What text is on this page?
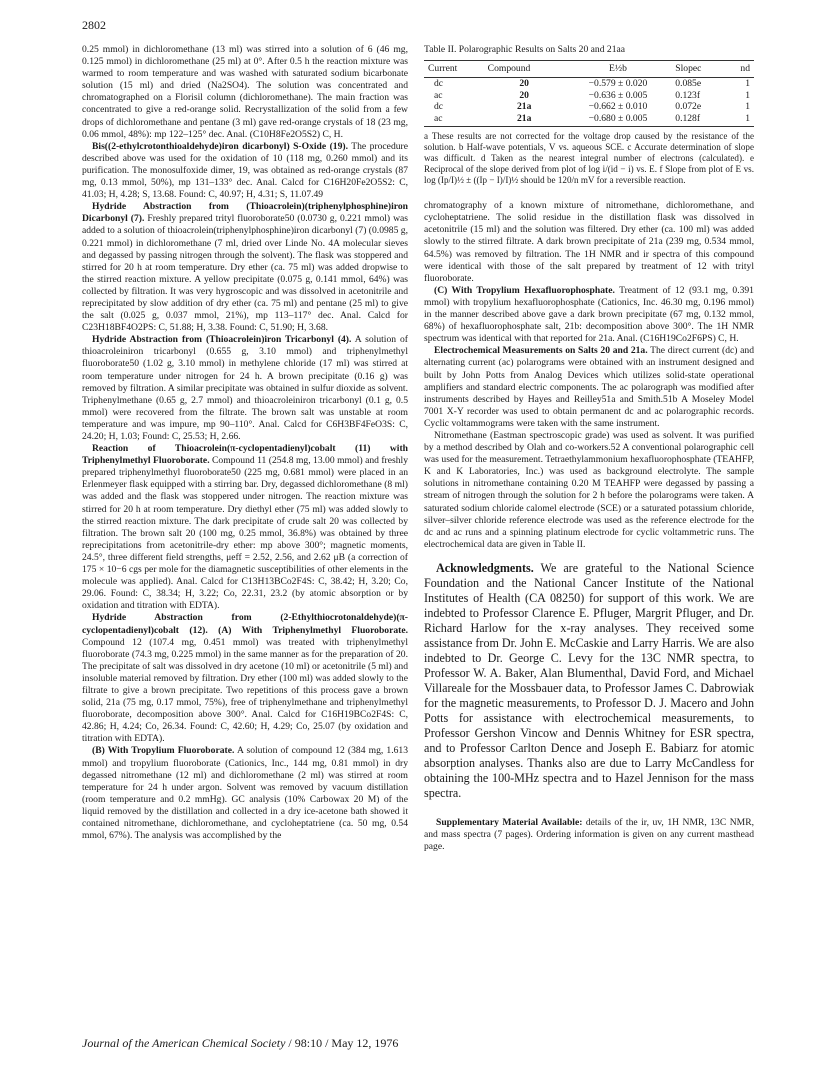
2802

0.25 mmol) in dichloromethane (13 ml) was stirred into a solution of 6 (46 mg, 0.125 mmol) in dichloromethane (25 ml) at 0°. After 0.5 h the reaction mixture was warmed to room temperature and was washed with saturated sodium bicarbonate solution (15 ml) and dried (Na2SO4). The solution was concentrated and chromatographed on a Florisil column (dichloromethane). The main fraction was concentrated to give a red-orange solid. Recrystallization of the solid from a few drops of dichloromethane and pentane (3 ml) gave red-orange crystals of 18 (23 mg, 0.06 mmol, 48%): mp 122–125° dec. Anal. (C10H8Fe2O5S2) C, H.

Bis((2-ethylcrotonthioaldehyde)iron dicarbonyl) S-Oxide (19). The procedure described above was used for the oxidation of 10 (118 mg, 0.260 mmol) and its purification. The monosulfoxide dimer, 19, was obtained as red-orange crystals (87 mg, 0.13 mmol, 50%), mp 131–133° dec. Anal. Calcd for C16H20Fe2O5S2: C, 41.03; H, 4.28; S, 13.68. Found: C, 40.97; H, 4.31; S, 11.07.49

Hydride Abstraction from (Thioacrolein)(triphenylphosphine)iron Dicarbonyl (7). Freshly prepared trityl fluoroborate50 (0.0730 g, 0.221 mmol) was added to a solution of thioacrolein(triphenylphosphine)iron dicarbonyl (7) (0.0985 g, 0.221 mmol) in dichloromethane (7 ml, dried over Linde No. 4A molecular sieves and degassed by passing nitrogen through the solvent). The flask was stoppered and stirred for 20 h at room temperature. Dry ether (ca. 75 ml) was added dropwise to the stirred reaction mixture. A yellow precipitate (0.075 g, 0.141 mmol, 64%) was collected by filtration. It was very hygroscopic and was dissolved in acetonitrile and reprecipitated by slow addition of dry ether (ca. 75 ml) and pentane (25 ml) to give the salt (0.025 g, 0.037 mmol, 21%), mp 113–117° dec. Anal. Calcd for C23H18BF4O2PS: C, 51.88; H, 3.38. Found: C, 51.90; H, 3.68.

Hydride Abstraction from (Thioacrolein)iron Tricarbonyl (4). A solution of thioacroleiniron tricarbonyl (0.655 g, 3.10 mmol) and triphenylmethyl fluoroborate50 (1.02 g, 3.10 mmol) in methylene chloride (17 ml) was stirred at room temperature under nitrogen for 24 h. A brown precipitate (0.16 g) was removed by filtration. A similar precipitate was obtained in sulfur dioxide as solvent. Triphenylmethane (0.65 g, 2.7 mmol) and thioacroleiniron tricarbonyl (0.1 g, 0.5 mmol) were recovered from the filtrate. The brown salt was unstable at room temperature and was impure, mp 90–110°. Anal. Calcd for C6H3BF4FeO3S: C, 24.20; H, 1.03; Found: C, 25.53; H, 2.66.

Reaction of Thioacrolein(π-cyclopentadienyl)cobalt (11) with Triphenylmethyl Fluoroborate. Compound 11 (254.8 mg, 13.00 mmol) and freshly prepared triphenylmethyl fluoroborate50 (225 mg, 0.681 mmol) were placed in an Erlenmeyer flask equipped with a stirring bar. Dry, degassed dichloromethane (8 ml) was added and the flask was stoppered under nitrogen. The reaction mixture was stirred for 20 h at room temperature. Dry diethyl ether (75 ml) was added slowly to the stirred reaction mixture. The dark precipitate of crude salt 20 was collected by filtration. The brown salt 20 (100 mg, 0.25 mmol, 36.8%) was obtained by three reprecipitations from acetonitrile-dry ether: mp above 300°; magnetic moments, 24.5°, three different field strengths, μeff = 2.52, 2.56, and 2.62 μB (a correction of 175 × 10−6 cgs per mole for the diamagnetic susceptibilities of other elements in the molecule was applied). Anal. Calcd for C13H13BCo2F4S: C, 38.42; H, 3.20; Co, 29.06. Found: C, 38.34; H, 3.22; Co, 22.31, 23.2 (by atomic absorption or by oxidation and titration with EDTA).

Hydride Abstraction from (2-Ethylthiocrotonaldehyde)(π-cyclopentadienyl)cobalt (12). (A) With Triphenylmethyl Fluoroborate. Compound 12 (107.4 mg, 0.451 mmol) was treated with triphenylmethyl fluoroborate (74.3 mg, 0.225 mmol) in the same manner as for the preparation of 20. The precipitate of salt was dissolved in dry acetone (10 ml) or acetonitrile (5 ml) and insoluble material removed by filtration. Dry ether (100 ml) was added slowly to the filtrate to give a brown precipitate. Two repetitions of this process gave a brown solid, 21a (75 mg, 0.17 mmol, 75%), free of triphenylmethane and triphenylmethyl fluoroborate, decomposition above 300°. Anal. Calcd for C16H19BCo2F4S: C, 42.86; H, 4.24; Co, 26.34. Found: C, 42.60; H, 4.29; Co, 25.07 (by oxidation and titration with EDTA).

(B) With Tropylium Fluoroborate. A solution of compound 12 (384 mg, 1.613 mmol) and tropylium fluoroborate (Cationics, Inc., 144 mg, 0.81 mmol) in dry degassed nitromethane (12 ml) and dichloromethane (2 ml) was stirred at room temperature for 24 h under argon. Solvent was removed by vacuum distillation (room temperature and 0.2 mmHg). GC analysis (10% Carbowax 20 M) of the liquid removed by the distillation and collected in a dry ice-acetone bath showed it contained nitromethane, dichloromethane, and cycloheptatriene (ca. 50 mg, 0.54 mmol, 67%). The analysis was accomplished by the

Table II. Polarographic Results on Salts 20 and 21aa
Current	Compound	E½b	Slopec	nd
dc	20	−0.579 ± 0.020	0.085e	1
ac	20	−0.636 ± 0.005	0.123f	1
dc	21a	−0.662 ± 0.010	0.072e	1
ac	21a	−0.680 ± 0.005	0.128f	1
a These results are not corrected for the voltage drop caused by the resistance of the solution. b Half-wave potentials, V vs. aqueous SCE. c Accurate determination of slope was difficult. d Taken as the nearest integral number of electrons (calculated). e Reciprocal of the slope derived from plot of log i/(id − i) vs. E. f Slope from plot of E vs. log (Ip/I)½ ± ((Ip − I)/I)½ should be 120/n mV for a reversible reaction.

chromatography of a known mixture of nitromethane, dichloromethane, and cycloheptatriene. The solid residue in the distillation flask was dissolved in acetonitrile (15 ml) and the solution was filtered. Dry ether (ca. 100 ml) was added slowly to the stirred filtrate. A dark brown precipitate of 21a (239 mg, 0.534 mmol, 64.5%) was removed by filtration. The 1H NMR and ir spectra of this compound were identical with those of the salt prepared by treatment of 12 with trityl fluoroborate.

(C) With Tropylium Hexafluorophosphate. Treatment of 12 (93.1 mg, 0.391 mmol) with tropylium hexafluorophosphate (Cationics, Inc. 46.30 mg, 0.196 mmol) in the manner described above gave a dark brown precipitate (67 mg, 0.132 mmol, 68%) of hexafluorophosphate salt, 21b: decomposition above 300°. The 1H NMR spectrum was identical with that reported for 21a. Anal. (C16H19Co2F6PS) C, H.

Electrochemical Measurements on Salts 20 and 21a. The direct current (dc) and alternating current (ac) polarograms were obtained with an instrument designed and built by John Potts from Analog Devices which utilizes solid-state operational amplifiers and standard electric components. The ac polarograph was modified after instruments described by Hayes and Reilley51a and Smith.51b A Moseley Model 7001 X-Y recorder was used to obtain permanent dc and ac polarographic records. Cyclic voltammograms were taken with the same instrument.

Nitromethane (Eastman spectroscopic grade) was used as solvent. It was purified by a method described by Olah and co-workers.52 A conventional polarographic cell was used for the measurement. Tetraethylammonium hexafluorophosphate (TEAHFP, K and K Laboratories, Inc.) was used as background electrolyte. The sample solutions in nitromethane containing 0.20 M TEAHFP were degassed by passing a stream of nitrogen through the solution for 2 h before the polarograms were taken. A saturated sodium chloride calomel electrode (SCE) or a saturated potassium chloride, silver–silver chloride reference electrode was used as the reference electrode for the dc and ac runs and a spinning platinum electrode for cyclic voltammetric runs. The electrochemical data are given in Table II.

Acknowledgments. We are grateful to the National Science Foundation and the National Cancer Institute of the National Institutes of Health (CA 08250) for support of this work. We are indebted to Professor Clarence E. Pfluger, Margrit Pfluger, and Dr. Richard Harlow for the x-ray analyses. They received some assistance from Dr. John E. McCaskie and Larry Harris. We are also indebted to Dr. George C. Levy for the 13C NMR spectra, to Professor W. A. Baker, Alan Blumenthal, David Ford, and Michael Villareale for the Mossbauer data, to Professor James C. Dabrowiak for the magnetic measurements, to Professor D. J. Macero and John Potts for assistance with electrochemical measurements, to Professor Gershon Vincow and Dennis Whitney for ESR spectra, and to Professor Carlton Dence and Joseph E. Babiarz for atomic absorption analyses. Thanks also are due to Larry McCandless for obtaining the 100-MHz spectra and to Hazel Jennison for the mass spectra.
Supplementary Material Available: details of the ir, uv, 1H NMR, 13C NMR, and mass spectra (7 pages). Ordering information is given on any current masthead page.
Journal of the American Chemical Society / 98:10 / May 12, 1976
